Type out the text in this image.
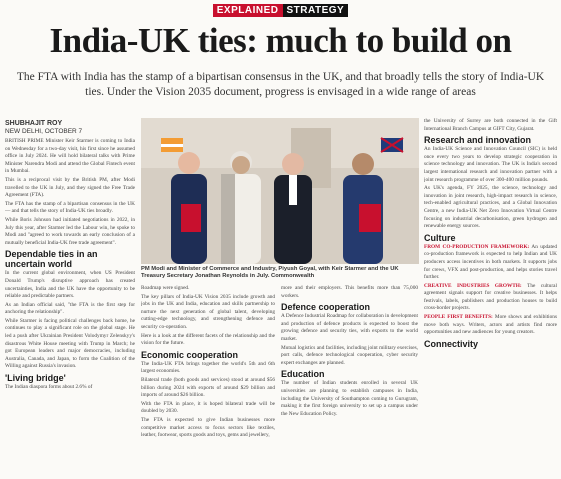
EXPLAINED STRATEGY
India-UK ties: much to build on

The FTA with India has the stamp of a bipartisan consensus in the UK, and that broadly tells the story of India-UK ties. Under the Vision 2035 document, progress is envisaged in a wide range of areas

SHUBHAJIT ROY
NEW DELHI, OCTOBER 7

BRITISH PRIME Minister Keir Starmer is coming to India on Wednesday for a two-day visit, his first since he assumed office in July 2024. He will hold bilateral talks with Prime Minister Narendra Modi and attend the Global Fintech event in Mumbai.

This is a reciprocal visit by the British PM, after Modi travelled to the UK in July, and they signed the Free Trade Agreement (FTA).

The FTA has the stamp of a bipartisan consensus in the UK — and that tells the story of India-UK ties broadly.

While Boris Johnson had initiated negotiations in 2022, in July this year, after Starmer led the Labour win, he spoke to Modi and "agreed to work towards an early conclusion of a mutually beneficial India-UK free trade agreement".

Dependable ties in an uncertain world

In the current global environment, when US President Donald Trump's disruptive approach has created uncertainties, India and the UK have the opportunity to be reliable and predictable partners.

As an Indian official said, "the FTA is the first step for anchoring the relationship".

While Starmer is facing political challenges back home, he continues to play a significant role on the global stage. He led a push after Ukrainian President Volodymyr Zelenskyy's disastrous White House meeting with Trump in March; he got European leaders and major democracies, including Australia, Canada, and Japan, to form the Coalition of the Willing against Russia's invasion.

'Living bridge'

The Indian diaspora forms about 2.6% of

PM Modi and Minister of Commerce and Industry, Piyush Goyal, with Keir Starmer and the UK Treasury Secretary Jonathan Reynolds in July. Commonwealth

Roadmap were signed.

The key pillars of India-UK Vision 2035 include growth and jobs in the UK and India, education and skills partnership to nurture the next generation of global talent, developing cutting-edge technology, and strengthening defence and security co-operation.

Here is a look at the different facets of the relationship and the vision for the future.

Economic cooperation

The India-UK FTA brings together the world's 5th and 6th largest economies.

Bilateral trade (both goods and services) stood at around $56 billion during 2024 with exports of around $29 billion and imports of around $26 billion.

With the FTA in place, it is hoped bilateral trade will be doubled by 2030.

The FTA is expected to give Indian businesses more competitive market access to focus sectors like textiles, leather, footwear, sports goods and toys, gems and jewellery,

more and their employers. This benefits more than 75,000 workers.

Defence cooperation

A Defence Industrial Roadmap for collaboration in development and production of defence products is expected to boost the growing defence and security ties, with exports to the world market.

Mutual logistics and facilities, including joint military exercises, port calls, defence technological cooperation, cyber security expert exchanges are planned.

Education

The number of Indian students enrolled in several UK universities are planning to establish campuses in India, including the University of Southampton coming to Gurugram, making it the first foreign university to set up a campus under the New Education Policy.

the University of Surrey are both connected in the Gift International Branch Campus at GIFT City, Gujarat.

Research and innovation

An India-UK Science and Innovation Council (SIC) is held once every two years to develop strategic cooperation in science technology and innovation. The UK is India's second largest international research and innovation partner with a joint research programme of over 300-400 million pounds.

As UK's agenda, FY 2025, the science, technology and innovation in joint research, high-impact research in science, tech-enabled agricultural practices, and a Global Innovation Centre, a new India-UK Net Zero Innovation Virtual Centre focusing on industrial decarbonisation, green hydrogen and renewable energy sources.

Culture

FROM CO-PRODUCTION FRAMEWORK: An updated co-production framework is expected to help Indian and UK producers access incentives in both markets. It supports jobs for crews, VFX and post-production, and helps stories travel further.

CREATIVE INDUSTRIES GROWTH: The cultural agreement signals support for creative businesses. It helps festivals, labels, publishers and production houses to build cross-border projects.

PEOPLE FIRST BENEFITS: More shows and exhibitions move both ways. Writers, actors and artists find more opportunities and new audiences for young creators.

Connectivity
